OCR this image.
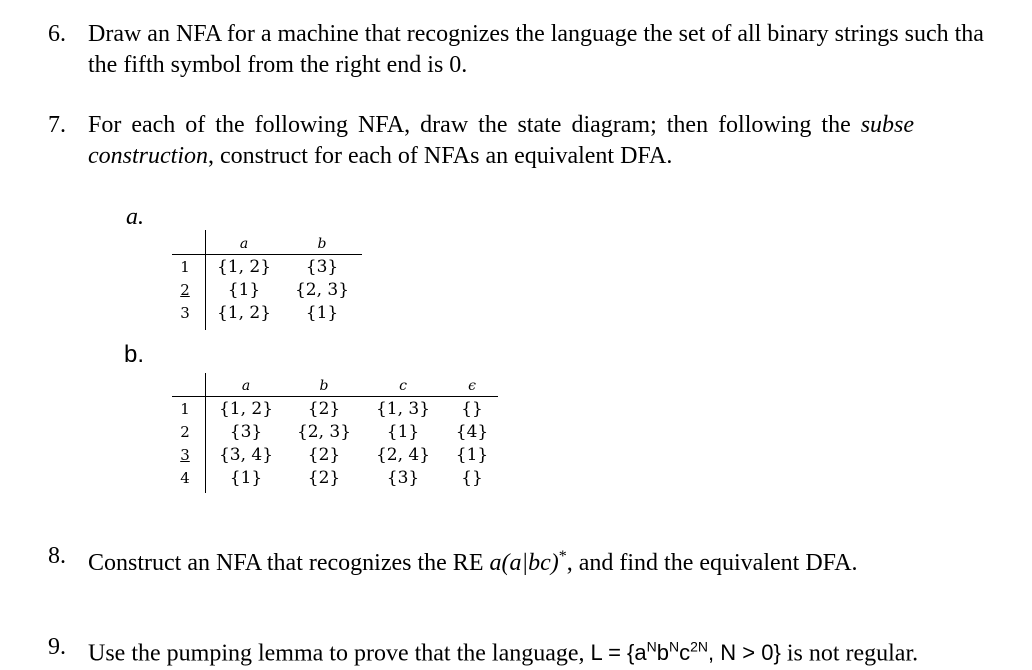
6. Draw an NFA for a machine that recognizes the language the set of all binary strings such tha
the fifth symbol from the right end is 0.
7. For each of the following NFA, draw the state diagram; then following the subse
construction, construct for each of NFAs an equivalent DFA.
a.
a	b
1 {1, 2} {3}
2 {1} {2, 3}
3 {1, 2} {1}
b.
a	b	c	ϵ
1 {1, 2} {2} {1, 3} {}
2 {3} {2, 3} {1} {4}
3 {3, 4} {2} {2, 4} {1}
4 {1}	{2}	{3} {}
8. Construct an NFA that recognizes the RE a(a|bc)*, and find the equivalent DFA.
9. Use the pumping lemma to prove that the language, $L = \{a^Nb^Nc^{2N}$, N > 0} is not regular.
